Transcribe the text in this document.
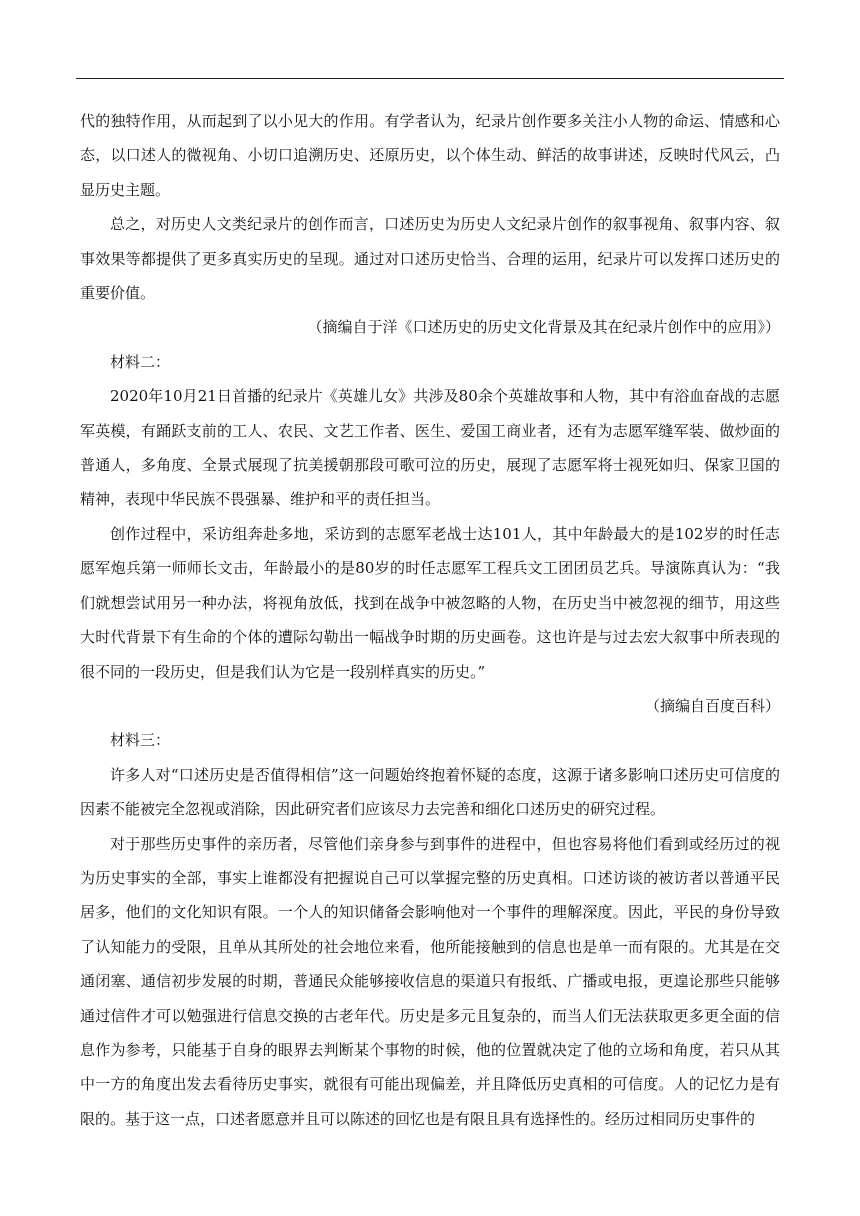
代的独特作用，从而起到了以小见大的作用。有学者认为，纪录片创作要多关注小人物的命运、情感和心态，以口述人的微视角、小切口追溯历史、还原历史，以个体生动、鲜活的故事讲述，反映时代风云，凸显历史主题。

总之，对历史人文类纪录片的创作而言，口述历史为历史人文纪录片创作的叙事视角、叙事内容、叙事效果等都提供了更多真实历史的呈现。通过对口述历史恰当、合理的运用，纪录片可以发挥口述历史的重要价值。

（摘编自于洋《口述历史的历史文化背景及其在纪录片创作中的应用》）

材料二：

2020年10月21日首播的纪录片《英雄儿女》共涉及80余个英雄故事和人物，其中有浴血奋战的志愿军英模，有踊跃支前的工人、农民、文艺工作者、医生、爱国工商业者，还有为志愿军缝军装、做炒面的普通人，多角度、全景式展现了抗美援朝那段可歌可泣的历史，展现了志愿军将士视死如归、保家卫国的精神，表现中华民族不畏强暴、维护和平的责任担当。

创作过程中，采访组奔赴多地，采访到的志愿军老战士达101人，其中年龄最大的是102岁的时任志愿军炮兵第一师师长文击，年龄最小的是80岁的时任志愿军工程兵文工团团员艺兵。导演陈真认为：“我们就想尝试用另一种办法，将视角放低，找到在战争中被忽略的人物，在历史当中被忽视的细节，用这些大时代背景下有生命的个体的遭际勾勒出一幅战争时期的历史画卷。这也许是与过去宏大叙事中所表现的很不同的一段历史，但是我们认为它是一段别样真实的历史。”

（摘编自百度百科）

材料三：

许多人对“口述历史是否值得相信”这一问题始终抱着怀疑的态度，这源于诸多影响口述历史可信度的因素不能被完全忽视或消除，因此研究者们应该尽力去完善和细化口述历史的研究过程。

对于那些历史事件的亲历者，尽管他们亲身参与到事件的进程中，但也容易将他们看到或经历过的视为历史事实的全部，事实上谁都没有把握说自己可以掌握完整的历史真相。口述访谈的被访者以普通平民居多，他们的文化知识有限。一个人的知识储备会影响他对一个事件的理解深度。因此，平民的身份导致了认知能力的受限，且单从其所处的社会地位来看，他所能接触到的信息也是单一而有限的。尤其是在交通闭塞、通信初步发展的时期，普通民众能够接收信息的渠道只有报纸、广播或电报，更遑论那些只能够通过信件才可以勉强进行信息交换的古老年代。历史是多元且复杂的，而当人们无法获取更多更全面的信息作为参考，只能基于自身的眼界去判断某个事物的时候，他的位置就决定了他的立场和角度，若只从其中一方的角度出发去看待历史事实，就很有可能出现偏差，并且降低历史真相的可信度。人的记忆力是有限的。基于这一点，口述者愿意并且可以陈述的回忆也是有限且具有选择性的。经历过相同历史事件的
